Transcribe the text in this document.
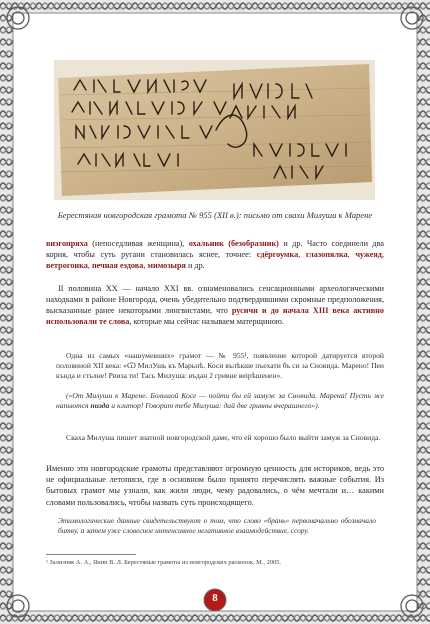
Берестяная новгородская грамота № 955 (XII в.): письмо от свахи Милуши к Марене
визгопряха (непоседливая женщина), охальник (безобразник) и др. Часто соединели два корня, чтобы суть ругани становилась яснее, точнее: сдёргоумка, глазопялка, чужеяд, ветрогонка, печная ездова, мимозыря и др.
II половина XX — начало XXI вв. ознаменовались сенсационными археологическими находками в районе Новгорода, очень убедительно подтвердившими скромные предположения, высказанные ранее некоторыми лингвистами, что русичи и до начала XIII века активно использовали те слова, которые мы сейчас называем матерщиною.
Одна из самых «нашумевших» грамот — № 955¹, появление которой датируется второй половиной XII века: «Ѿ МилУшь къ Марьнѣ. Коси вълѣкше пъехати бъ си за Сновида. Марено! Пеи кънда и стьлне! Рвиза ти! Тась Милуша: въдан 2 гривне веірѣшенен».
(«От Милуши к Марене. Большой Косе — пойти бы ей замуж за Сновида. Марена! Пусть же напьются пизда и клитор! Говорит тебе Милуша: дай две гривны вчерашнего»).
Сваха Милуша пишет знатной новгородской даме, что ей хорошо было выйти замуж за Сновида.
Именно эти новгородские грамоты представляют огромную ценность для историков, ведь это не официальные летописи, где в основном было принято перечислять важные события. Из бытовых грамот мы узнали, как жили люди, чему радовались, о чём мечтали и… какими словами пользовались, чтобы назвать суть происходящего.
Этимологические данные свидетельствуют о том, что слово «брань» первоначально обозначало битву, а затем уже словесное интенсивное негативное взаимодействие, ссору.
¹ Зализняк А. А., Янин В. Л. Берестяные грамоты из новгородских раскопок. М., 2005.
8
